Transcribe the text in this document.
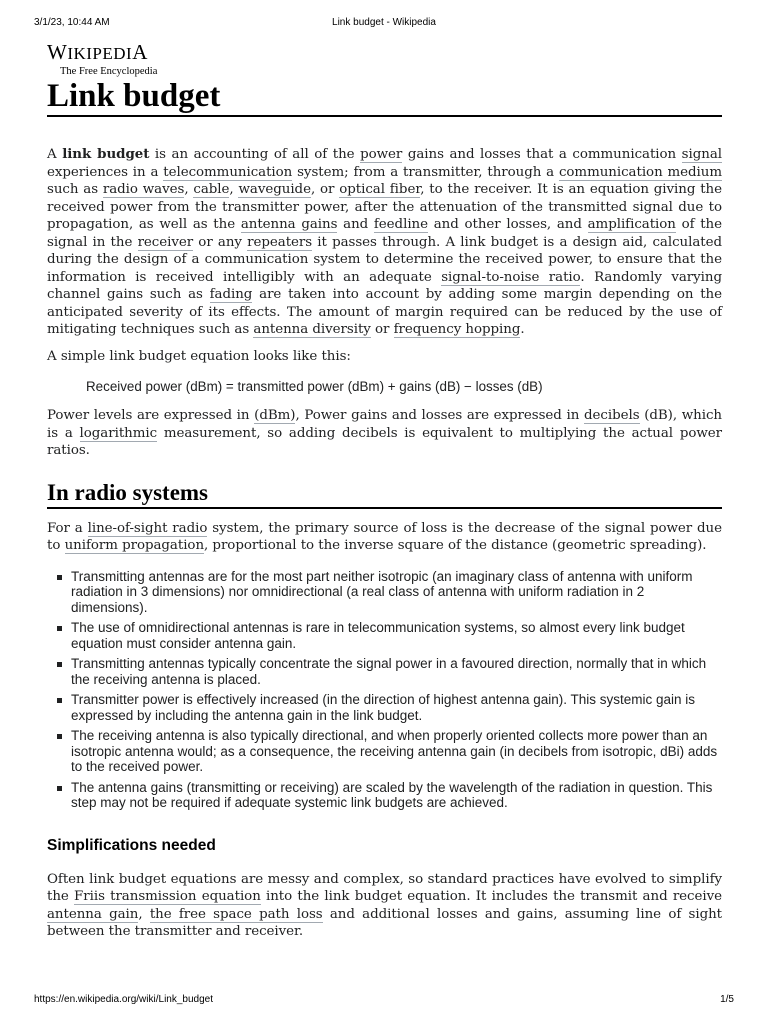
3/1/23, 10:44 AM	Link budget - Wikipedia
WIKIPEDIA
The Free Encyclopedia
Link budget

A link budget is an accounting of all of the power gains and losses that a communication signal experiences in a telecommunication system; from a transmitter, through a communication medium such as radio waves, cable, waveguide, or optical fiber, to the receiver. It is an equation giving the received power from the transmitter power, after the attenuation of the transmitted signal due to propagation, as well as the antenna gains and feedline and other losses, and amplification of the signal in the receiver or any repeaters it passes through. A link budget is a design aid, calculated during the design of a communication system to determine the received power, to ensure that the information is received intelligibly with an adequate signal-to-noise ratio. Randomly varying channel gains such as fading are taken into account by adding some margin depending on the anticipated severity of its effects. The amount of margin required can be reduced by the use of mitigating techniques such as antenna diversity or frequency hopping.

A simple link budget equation looks like this:

Received power (dBm) = transmitted power (dBm) + gains (dB) − losses (dB)

Power levels are expressed in (dBm), Power gains and losses are expressed in decibels (dB), which is a logarithmic measurement, so adding decibels is equivalent to multiplying the actual power ratios.

In radio systems

For a line-of-sight radio system, the primary source of loss is the decrease of the signal power due to uniform propagation, proportional to the inverse square of the distance (geometric spreading).

Transmitting antennas are for the most part neither isotropic (an imaginary class of antenna with uniform radiation in 3 dimensions) nor omnidirectional (a real class of antenna with uniform radiation in 2 dimensions).
The use of omnidirectional antennas is rare in telecommunication systems, so almost every link budget equation must consider antenna gain.
Transmitting antennas typically concentrate the signal power in a favoured direction, normally that in which the receiving antenna is placed.
Transmitter power is effectively increased (in the direction of highest antenna gain). This systemic gain is expressed by including the antenna gain in the link budget.
The receiving antenna is also typically directional, and when properly oriented collects more power than an isotropic antenna would; as a consequence, the receiving antenna gain (in decibels from isotropic, dBi) adds to the received power.
The antenna gains (transmitting or receiving) are scaled by the wavelength of the radiation in question. This step may not be required if adequate systemic link budgets are achieved.
Simplifications needed

Often link budget equations are messy and complex, so standard practices have evolved to simplify the Friis transmission equation into the link budget equation. It includes the transmit and receive antenna gain, the free space path loss and additional losses and gains, assuming line of sight between the transmitter and receiver.

https://en.wikipedia.org/wiki/Link_budget	1/5
